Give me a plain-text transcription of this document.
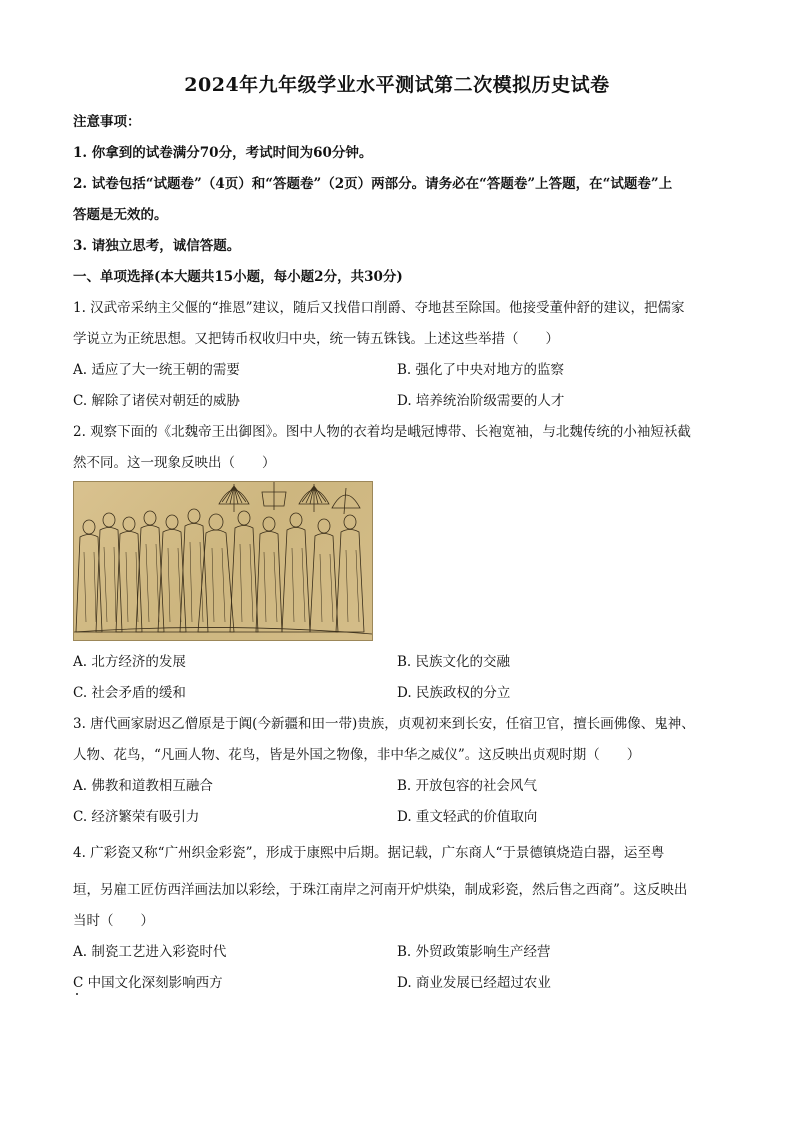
2024年九年级学业水平测试第二次模拟历史试卷
注意事项：
1. 你拿到的试卷满分70分，考试时间为60分钟。
2. 试卷包括“试题卷”（4页）和“答题卷”（2页）两部分。请务必在“答题卷”上答题，在“试题卷”上
答题是无效的。
3. 请独立思考，诚信答题。
一、单项选择(本大题共15小题，每小题2分，共30分)
1. 汉武帝采纳主父偃的“推恩”建议，随后又找借口削爵、夺地甚至除国。他接受董仲舒的建议，把儒家
学说立为正统思想。又把铸币权收归中央，统一铸五铢钱。上述这些举措（　　）
A. 适应了大一统王朝的需要	B. 强化了中央对地方的监察
C. 解除了诸侯对朝廷的威胁	D. 培养统治阶级需要的人才
2. 观察下面的《北魏帝王出御图》。图中人物的衣着均是峨冠博带、长袍宽袖，与北魏传统的小袖短袄截
然不同。这一现象反映出（　　）
A. 北方经济的发展	B. 民族文化的交融
C. 社会矛盾的缓和	D. 民族政权的分立
3. 唐代画家尉迟乙僧原是于阗(今新疆和田一带)贵族，贞观初来到长安，任宿卫官，擅长画佛像、鬼神、
人物、花鸟，“凡画人物、花鸟，皆是外国之物像，非中华之威仪”。这反映出贞观时期（　　）
A. 佛教和道教相互融合	B. 开放包容的社会风气
C. 经济繁荣有吸引力	D. 重文轻武的价值取向
4. 广彩瓷又称“广州织金彩瓷”，形成于康熙中后期。据记载，广东商人“于景德镇烧造白器，运至粤
垣，另雇工匠仿西洋画法加以彩绘，于珠江南岸之河南开炉烘染，制成彩瓷，然后售之西商”。这反映出
当时（　　）
A. 制瓷工艺进入彩瓷时代	B. 外贸政策影响生产经营
C 中国文化深刻影响西方	D. 商业发展已经超过农业
